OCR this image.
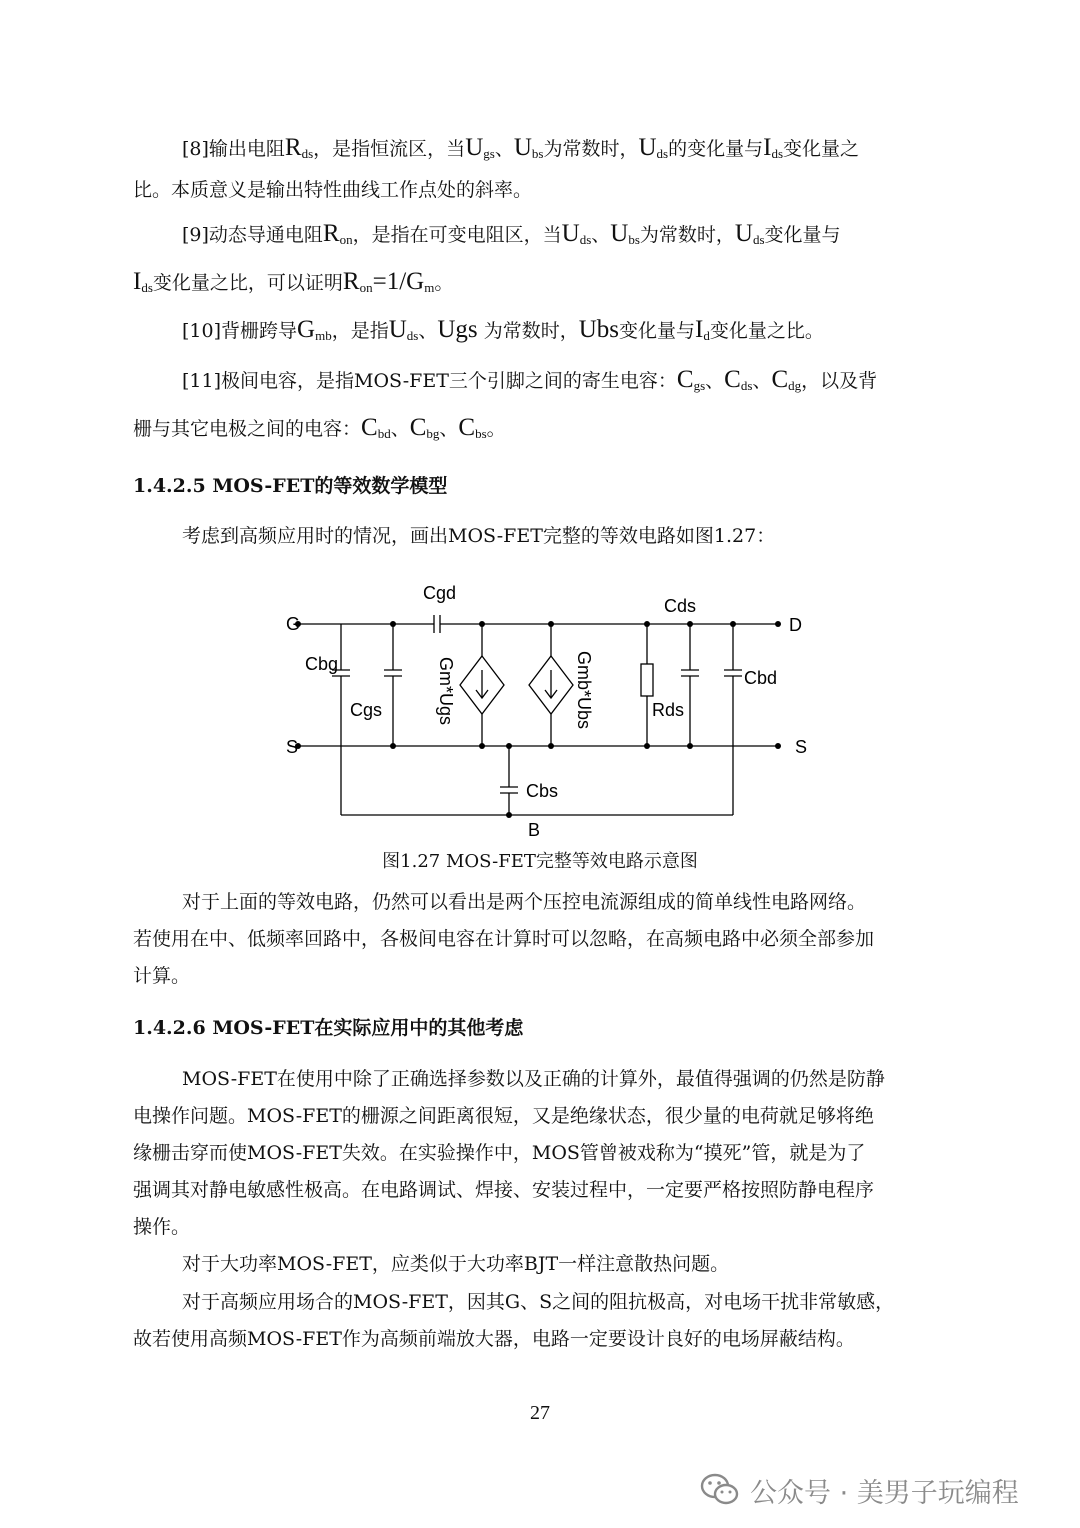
[8]输出电阻$R_{ds}$，是指恒流区，当$U_{gs}$、$U_{bs}$为常数时，$U_{ds}$的变化量与$I_{ds}$变化量之
比。本质意义是输出特性曲线工作点处的斜率。
[9]动态导通电阻$R_{on}$，是指在可变电阻区，当$U_{ds}$、$U_{bs}$为常数时，$U_{ds}$变化量与
$I_{ds}$变化量之比，可以证明$R_{on}=1/G_m$。
[10]背栅跨导$G_{mb}$，是指$U_{ds}$、Ugs 为常数时，Ubs变化量与$I_d$变化量之比。
[11]极间电容，是指MOS-FET三个引脚之间的寄生电容：$C_{gs}$、$C_{ds}$、$C_{dg}$，以及背
栅与其它电极之间的电容：$C_{bd}$、$C_{bg}$、$C_{bs}$。
1.4.2.5 MOS-FET的等效数学模型
考虑到高频应用时的情况，画出MOS-FET完整的等效电路如图1.27：
G
S
D
S
B
Cgd
Cds
Cbg
Cgs	Rds
Cbd
Cbs
Gm*Ugs	Gmb*Ubs
图1.27 MOS-FET完整等效电路示意图
对于上面的等效电路，仍然可以看出是两个压控电流源组成的简单线性电路网络。
若使用在中、低频率回路中，各极间电容在计算时可以忽略，在高频电路中必须全部参加
计算。
1.4.2.6 MOS-FET在实际应用中的其他考虑
MOS-FET在使用中除了正确选择参数以及正确的计算外，最值得强调的仍然是防静
电操作问题。MOS-FET的栅源之间距离很短，又是绝缘状态，很少量的电荷就足够将绝
缘栅击穿而使MOS-FET失效。在实验操作中，MOS管曾被戏称为“摸死”管，就是为了
强调其对静电敏感性极高。在电路调试、焊接、安装过程中，一定要严格按照防静电程序
操作。
对于大功率MOS-FET，应类似于大功率BJT一样注意散热问题。
对于高频应用场合的MOS-FET，因其G、S之间的阻抗极高，对电场干扰非常敏感，
故若使用高频MOS-FET作为高频前端放大器，电路一定要设计良好的电场屏蔽结构。
27
公众号 · 美男子玩编程
